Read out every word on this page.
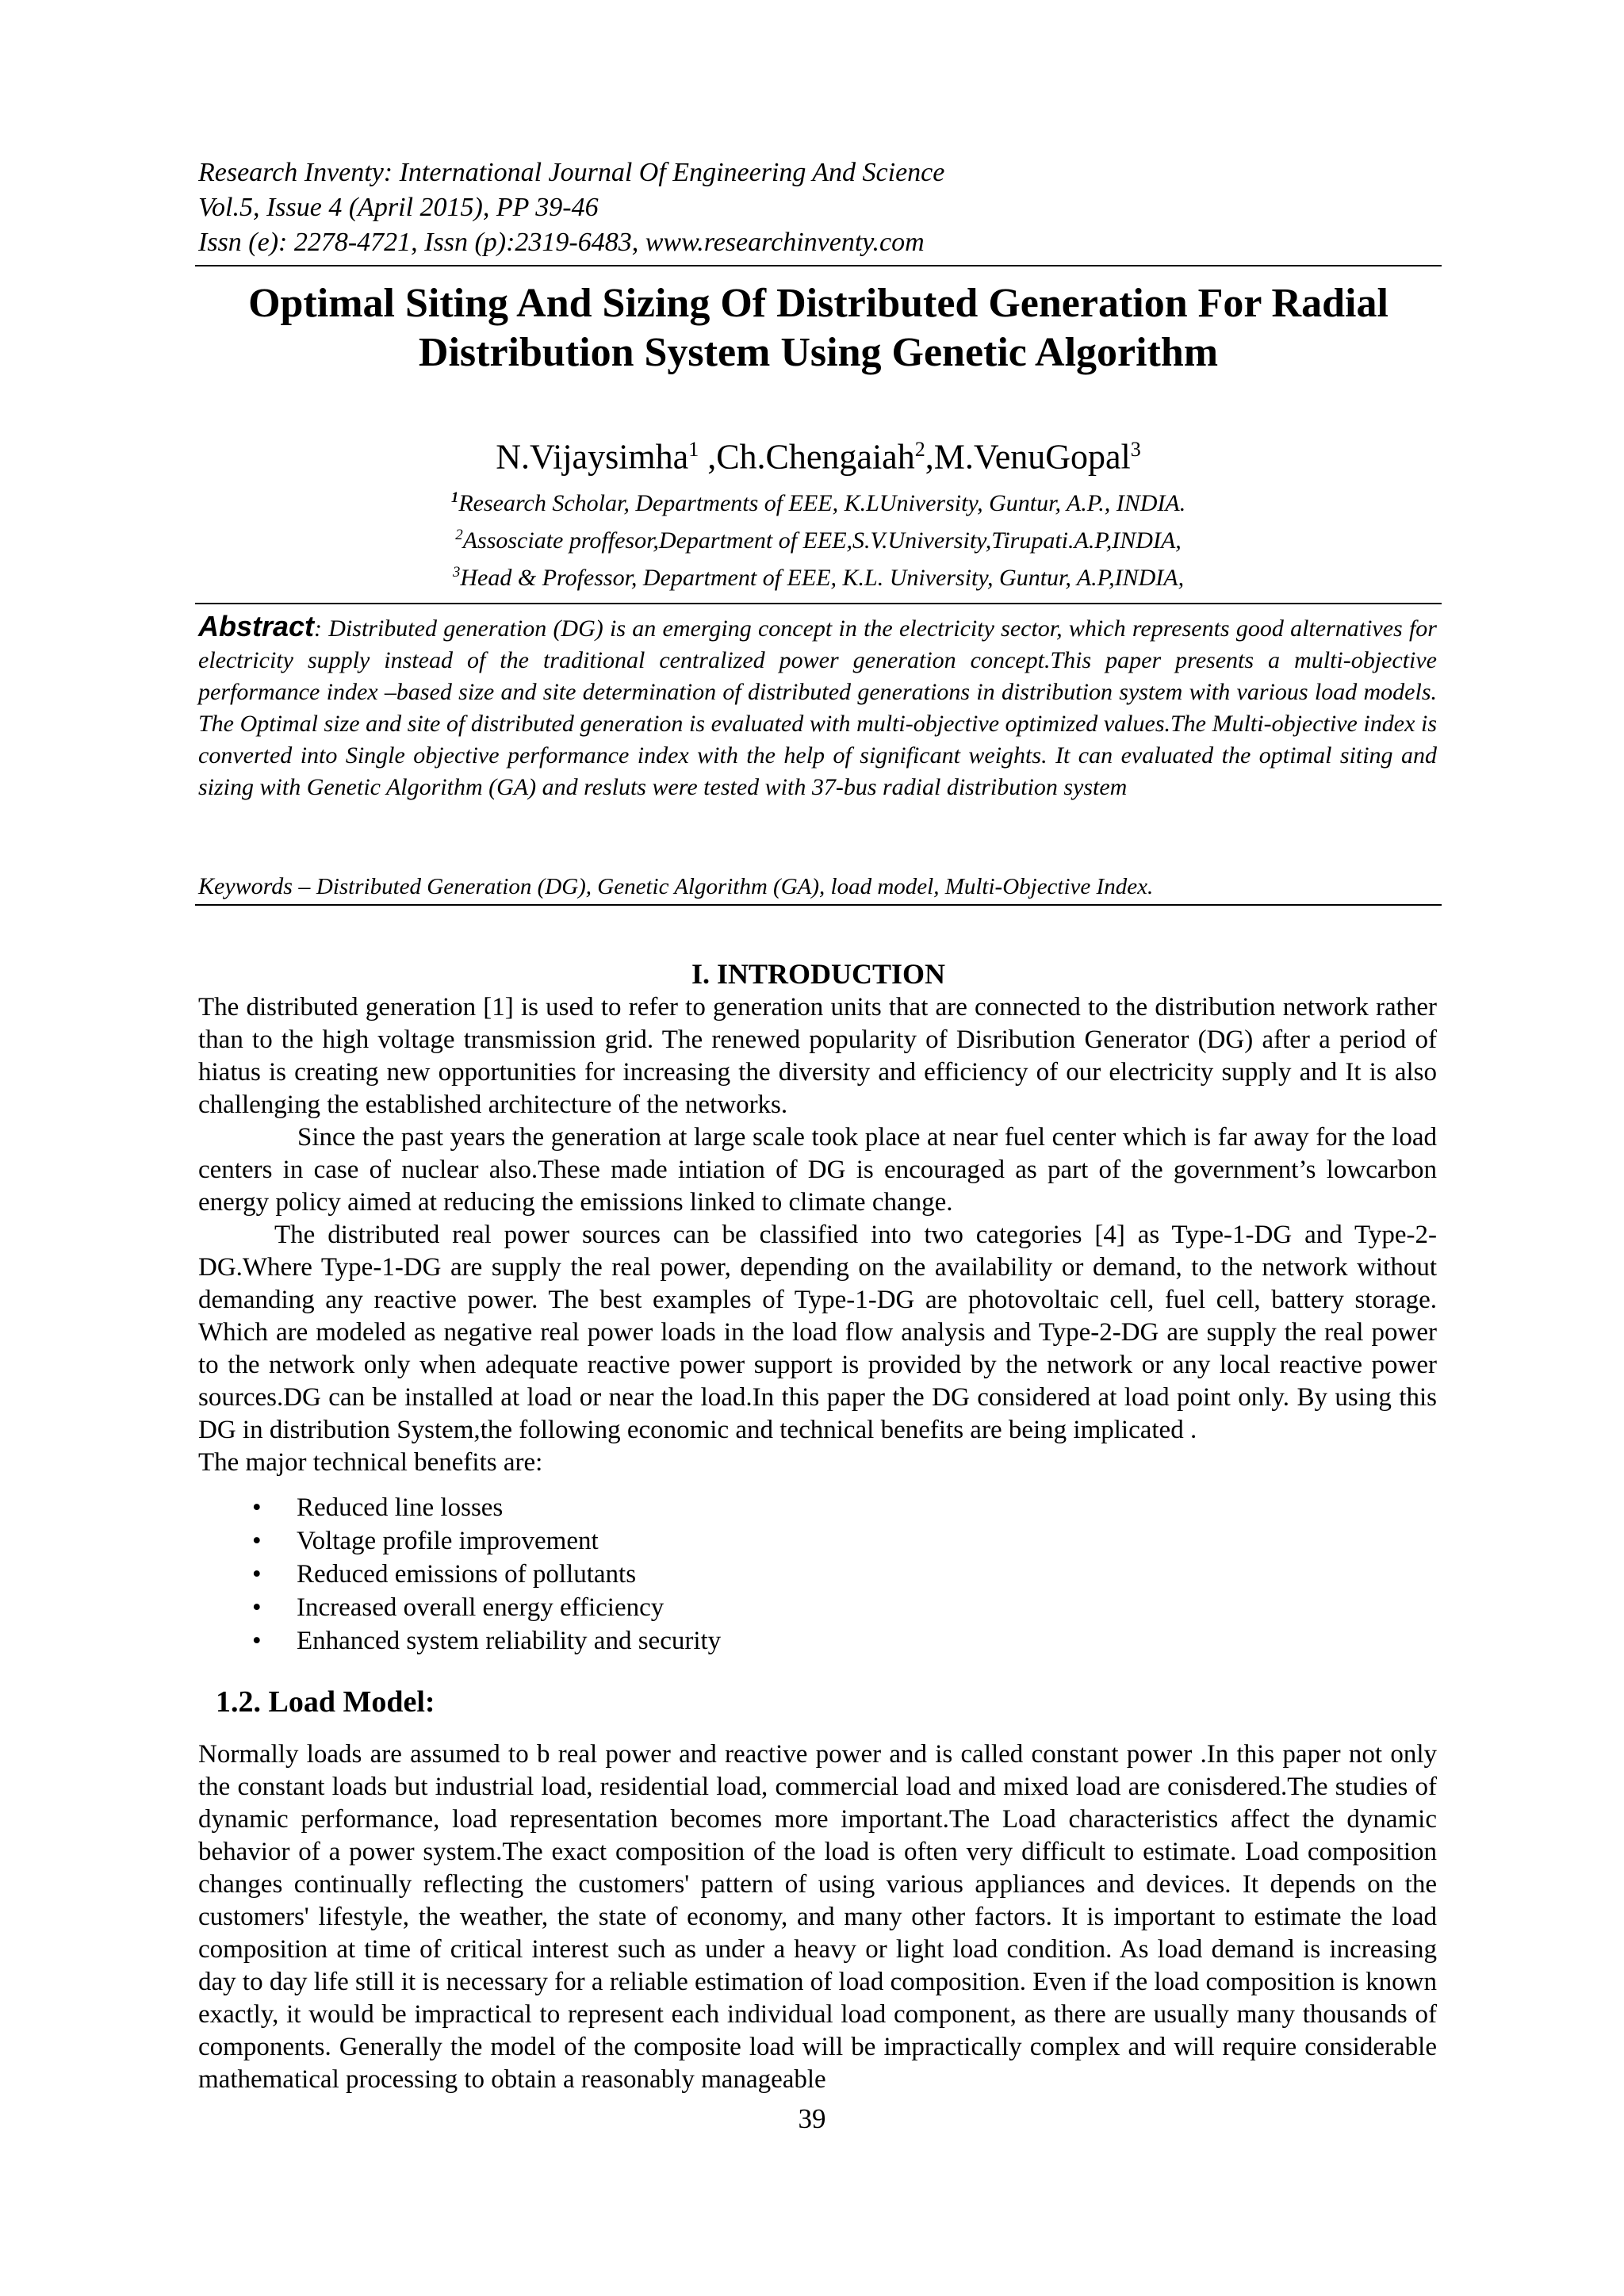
Research Inventy: International Journal Of Engineering And Science
Vol.5, Issue 4 (April 2015), PP 39-46
Issn (e): 2278-4721, Issn (p):2319-6483, www.researchinventy.com
Optimal Siting And Sizing Of Distributed Generation For Radial
Distribution System Using Genetic Algorithm
N.Vijaysimha$^1$ ,Ch.Chengaiah$^2$,M.VenuGopal$^3$
$^1$Research Scholar, Departments of EEE, K.LUniversity, Guntur, A.P., INDIA.
$^2$Assosciate proffesor,Department of EEE,S.V.University,Tirupati.A.P,INDIA,
$^3$Head & Professor, Department of EEE, K.L. University, Guntur, A.P,INDIA,
Abstract: Distributed generation (DG) is an emerging concept in the electricity sector, which represents good alternatives for electricity supply instead of the traditional centralized power generation concept.This paper presents a multi-objective performance index –based size and site determination of distributed generations in distribution system with various load models. The Optimal size and site of distributed generation is evaluated with multi-objective optimized values.The Multi-objective index is converted into Single objective performance index with the help of significant weights. It can evaluated the optimal siting and sizing with Genetic Algorithm (GA) and resluts were tested with 37-bus radial distribution system
Keywords – Distributed Generation (DG), Genetic Algorithm (GA), load model, Multi-Objective Index.
I. INTRODUCTION

The distributed generation [1] is used to refer to generation units that are connected to the distribution network rather than to the high voltage transmission grid. The renewed popularity of Disribution Generator (DG) after a period of hiatus is creating new opportunities for increasing the diversity and efficiency of our electricity supply and It is also challenging the established architecture of the networks.

Since the past years the generation at large scale took place at near fuel center which is far away for the load centers in case of nuclear also.These made intiation of DG is encouraged as part of the government’s lowcarbon energy policy aimed at reducing the emissions linked to climate change.

The distributed real power sources can be classified into two categories [4] as Type-1-DG and Type-2-DG.Where Type-1-DG are supply the real power, depending on the availability or demand, to the network without demanding any reactive power. The best examples of Type-1-DG are photovoltaic cell, fuel cell, battery storage. Which are modeled as negative real power loads in the load flow analysis and Type-2-DG are supply the real power to the network only when adequate reactive power support is provided by the network or any local reactive power sources.DG can be installed at load or near the load.In this paper the DG considered at load point only. By using this DG in distribution System,the following economic and technical benefits are being implicated .

The major technical benefits are:

• Reduced line losses
• Voltage profile improvement
• Reduced emissions of pollutants
• Increased overall energy efficiency
• Enhanced system reliability and security
1.2. Load Model:

Normally loads are assumed to b real power and reactive power and is called constant power .In this paper not only the constant loads but industrial load, residential load, commercial load and mixed load are conisdered.The studies of dynamic performance, load representation becomes more important.The Load characteristics affect the dynamic behavior of a power system.The exact composition of the load is often very difficult to estimate. Load composition changes continually reflecting the customers' pattern of using various appliances and devices. It depends on the customers' lifestyle, the weather, the state of economy, and many other factors. It is important to estimate the load composition at time of critical interest such as under a heavy or light load condition. As load demand is increasing day to day life still it is necessary for a reliable estimation of load composition. Even if the load composition is known exactly, it would be impractical to represent each individual load component, as there are usually many thousands of components. Generally the model of the composite load will be impractically complex and will require considerable mathematical processing to obtain a reasonably manageable

39
